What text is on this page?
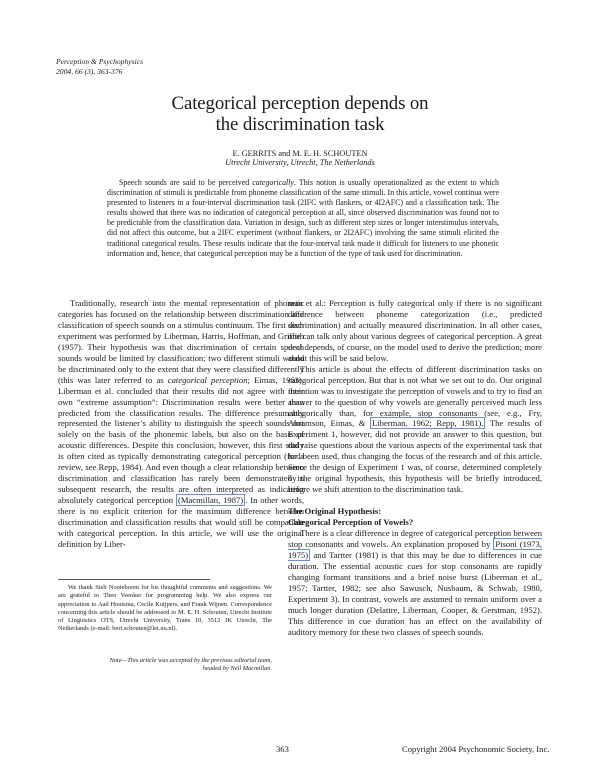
Perception & Psychophysics
2004, 66 (3), 363-376
Categorical perception depends on
the discrimination task
E. GERRITS and M. E. H. SCHOUTEN
Utrecht University, Utrecht, The Netherlands
Speech sounds are said to be perceived categorically. This notion is usually operationalized as the extent to which discrimination of stimuli is predictable from phoneme classification of the same stimuli. In this article, vowel continua were presented to listeners in a four-interval discrimination task (2IFC with flankers, or 4I2AFC) and a classification task. The results showed that there was no indication of categorical perception at all, since observed discrimination was found not to be predictable from the classification data. Variation in design, such as different step sizes or longer interstimulus intervals, did not affect this outcome, but a 2IFC experiment (without flankers, or 2I2AFC) involving the same stimuli elicited the traditional categorical results. These results indicate that the four-interval task made it difficult for listeners to use phonetic information and, hence, that categorical perception may be a function of the type of task used for discrimination.

Traditionally, research into the mental representation of phonetic categories has focused on the relationship between discrimination and classification of speech sounds on a stimulus continuum. The first such experiment was performed by Liberman, Harris, Hoffman, and Griffith (1957). Their hypothesis was that discrimination of certain speech sounds would be limited by classification; two different stimuli would be discriminated only to the extent that they were classified differently (this was later referred to as categorical perception; Eimas, 1963). Liberman et al. concluded that their results did not agree with their own “extreme assumption”: Discrimination results were better than predicted from the classification results. The difference presumably represented the listener’s ability to distinguish the speech sounds not solely on the basis of the phonemic labels, but also on the basis of acoustic differences. Despite this conclusion, however, this first study is often cited as typically demonstrating categorical perception (for a review, see Repp, 1984). And even though a clear relationship between discrimination and classification has rarely been demonstrated in subsequent research, the results are often interpreted as indicating absolutely categorical perception (Macmillan, 1987) . In other words, there is no explicit criterion for the maximum difference between discrimination and classification results that would still be compatible with categorical perception. In this article, we will use the original definition by Liber-

man et al.: Perception is fully categorical only if there is no significant difference between phoneme categorization (i.e., predicted discrimination) and actually measured discrimination. In all other cases, one can talk only about various degrees of categorical perception. A great deal depends, of course, on the model used to derive the prediction; more about this will be said below.

This article is about the effects of different discrimination tasks on categorical perception. But that is not what we set out to do. Our original intention was to investigate the perception of vowels and to try to find an answer to the question of why vowels are generally perceived much less categorically than, for example, stop consonants (see, e.g., Fry, Abramson, Eimas, & Liberman, 1962; Repp, 1981). The results of Experiment 1, however, did not provide an answer to this question, but did raise questions about the various aspects of the experimental task that had been used, thus changing the focus of the research and of this article. Since the design of Experiment 1 was, of course, determined completely by the original hypothesis, this hypothesis will be briefly introduced, before we shift attention to the discrimination task.

The Original Hypothesis:
Categorical Perception of Vowels?

There is a clear difference in degree of categorical perception between stop consonants and vowels. An explanation proposed by Pisoni (1973, 1975) and Tartter (1981) is that this may be due to differences in cue duration. The essential acoustic cues for stop consonants are rapidly changing formant transitions and a brief noise burst (Liberman et al., 1957; Tartter, 1982; see also Sawusch, Nusbaum, & Schwab, 1980, Experiment 3). In contrast, vowels are assumed to remain uniform over a much longer duration (Delattre, Liberman, Cooper, & Gerstman, 1952). This difference in cue duration has an effect on the availability of auditory memory for these two classes of speech sounds.

We thank Sieb Nooteboom for his thoughtful comments and suggestions. We are grateful to Theo Veenker for programming help. We also express our appreciation to Aad Houtsma, Cecile Kuijpers, and Frank Wijnen. Correspondence concerning this article should be addressed to M. E. H. Schouten, Utrecht Institute of Linguistics OTS, Utrecht University, Trans 10, 3512 JK Utrecht, The Netherlands (e-mail: bert.schouten@let.uu.nl).
Note—This article was accepted by the previous editorial team,
headed by Neil Macmillan.
363	Copyright 2004 Psychonomic Society, Inc.
